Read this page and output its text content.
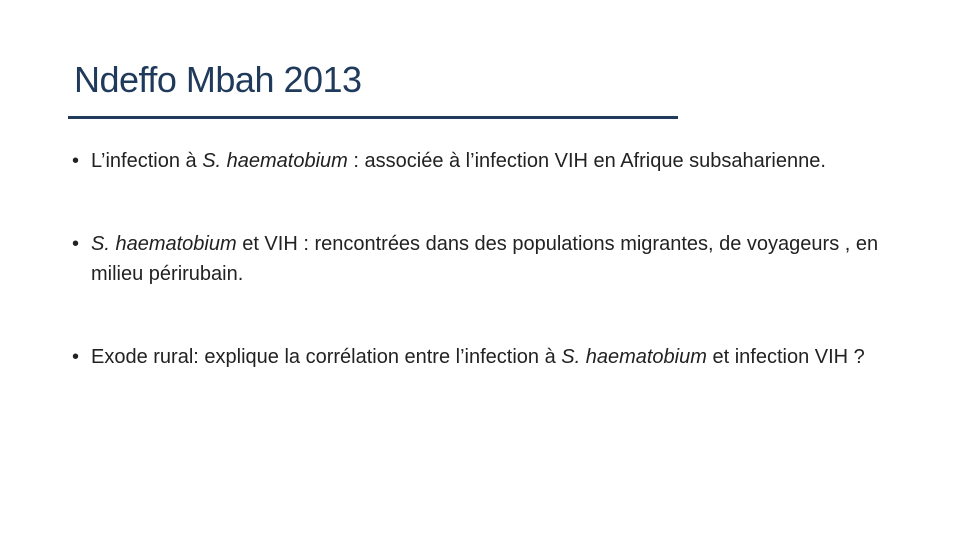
Ndeffo Mbah 2013
• L’infection à S. haematobium : associée à l’infection VIH en Afrique subsaharienne.
• S. haematobium et VIH : rencontrées dans des populations migrantes, de voyageurs , en milieu périrubain.
• Exode rural: explique la corrélation entre l’infection à S. haematobium et infection VIH ?
